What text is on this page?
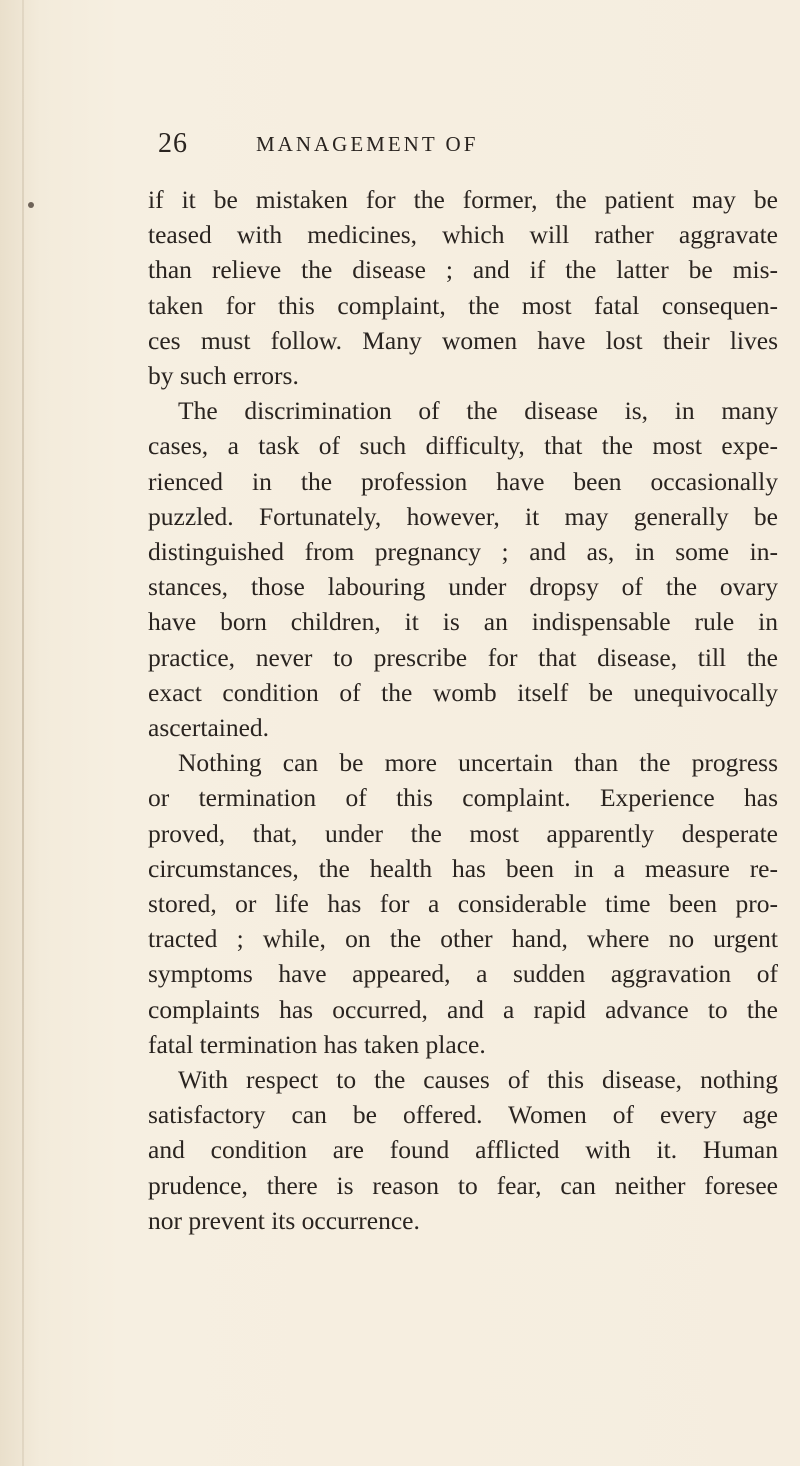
26	MANAGEMENT OF
if it be mistaken for the former, the patient may be
teased with medicines, which will rather aggravate
than relieve the disease ; and if the latter be mis-
taken for this complaint, the most fatal consequen-
ces must follow. Many women have lost their lives
by such errors.
The discrimination of the disease is, in many
cases, a task of such difficulty, that the most expe-
rienced in the profession have been occasionally
puzzled. Fortunately, however, it may generally be
distinguished from pregnancy ; and as, in some in-
stances, those labouring under dropsy of the ovary
have born children, it is an indispensable rule in
practice, never to prescribe for that disease, till the
exact condition of the womb itself be unequivocally
ascertained.
Nothing can be more uncertain than the progress
or termination of this complaint. Experience has
proved, that, under the most apparently desperate
circumstances, the health has been in a measure re-
stored, or life has for a considerable time been pro-
tracted ; while, on the other hand, where no urgent
symptoms have appeared, a sudden aggravation of
complaints has occurred, and a rapid advance to the
fatal termination has taken place.
With respect to the causes of this disease, nothing
satisfactory can be offered. Women of every age
and condition are found afflicted with it. Human
prudence, there is reason to fear, can neither foresee
nor prevent its occurrence.
